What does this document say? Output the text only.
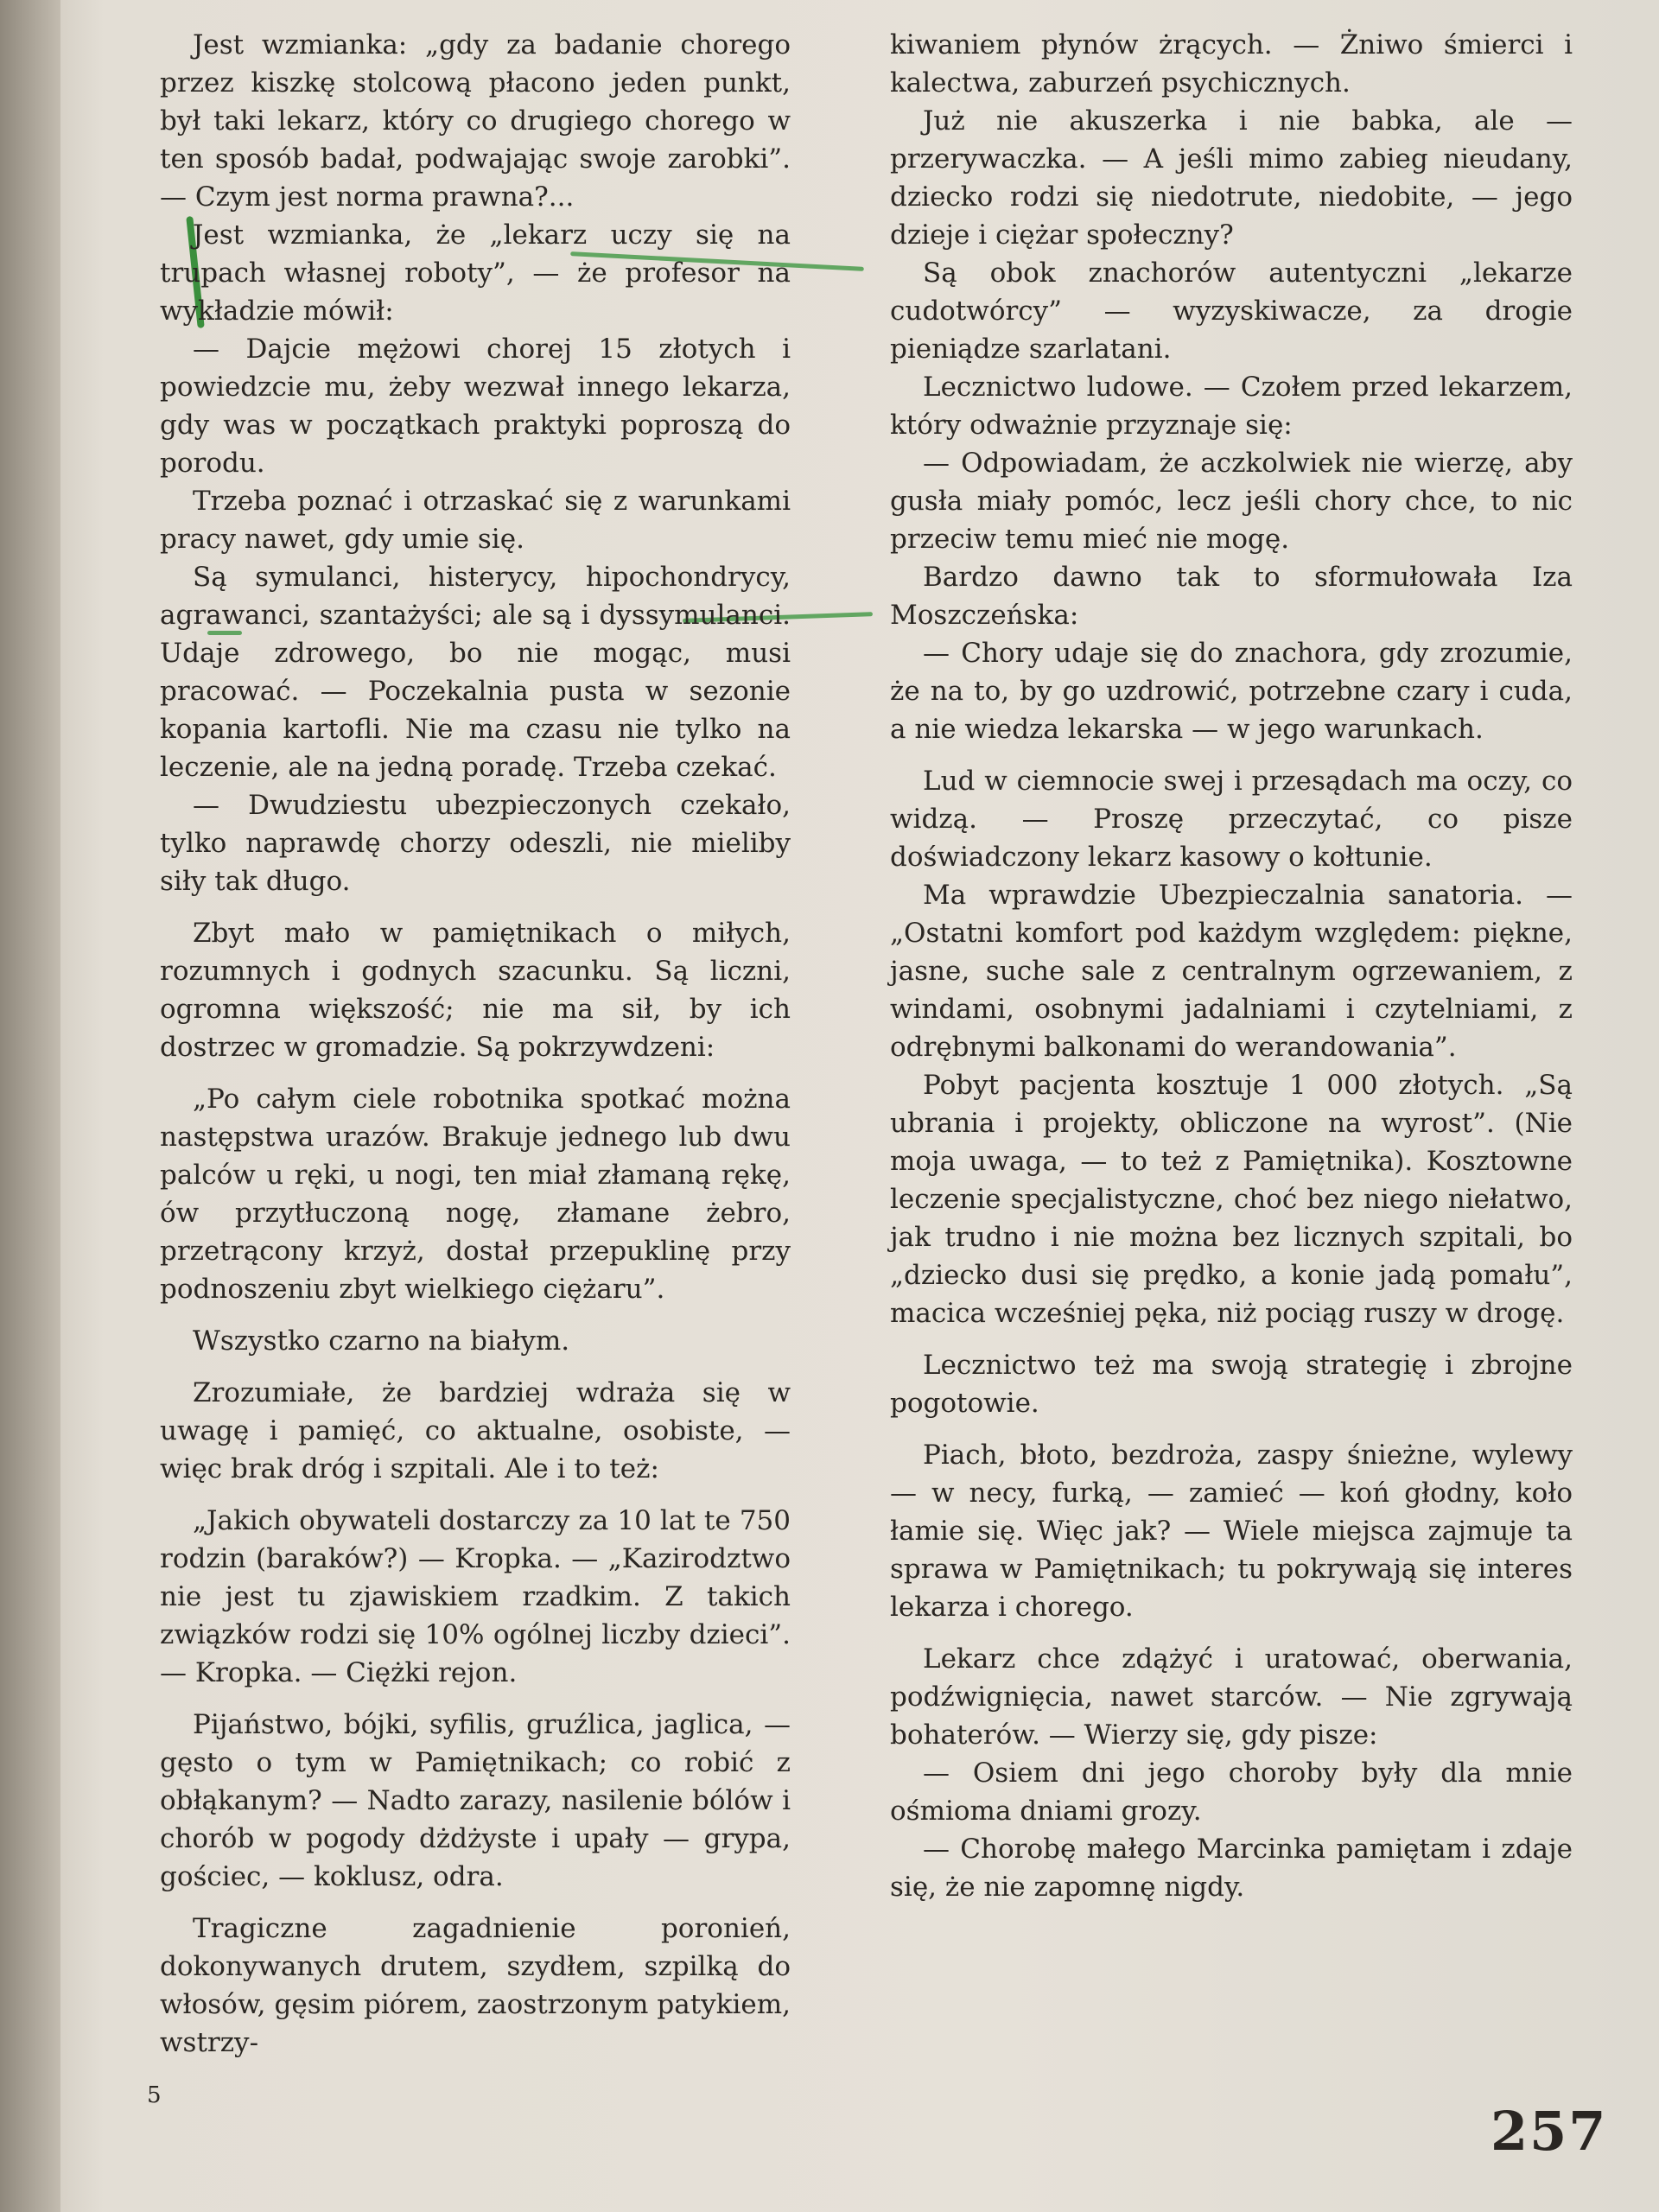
Jest wzmianka: „gdy za badanie chorego przez kiszkę stolcową płacono jeden punkt, był taki lekarz, który co drugiego chorego w ten sposób badał, podwajając swoje zarobki”. — Czym jest norma prawna?...

Jest wzmianka, że „lekarz uczy się na trupach własnej roboty”, — że profesor na wykładzie mówił:

— Dajcie mężowi chorej 15 złotych i powiedzcie mu, żeby wezwał innego lekarza, gdy was w początkach praktyki poproszą do porodu.

Trzeba poznać i otrzaskać się z warunkami pracy nawet, gdy umie się.

Są symulanci, histerycy, hipochondrycy, agrawanci, szantażyści; ale są i dyssymulanci. Udaje zdrowego, bo nie mogąc, musi pracować. — Poczekalnia pusta w sezonie kopania kartofli. Nie ma czasu nie tylko na leczenie, ale na jedną poradę. Trzeba czekać.

— Dwudziestu ubezpieczonych czekało, tylko naprawdę chorzy odeszli, nie mieliby siły tak długo.

Zbyt mało w pamiętnikach o miłych, rozumnych i godnych szacunku. Są liczni, ogromna większość; nie ma sił, by ich dostrzec w gromadzie. Są pokrzywdzeni:

„Po całym ciele robotnika spotkać można następstwa urazów. Brakuje jednego lub dwu palców u ręki, u nogi, ten miał złamaną rękę, ów przytłuczoną nogę, złamane żebro, przetrącony krzyż, dostał przepuklinę przy podnoszeniu zbyt wielkiego ciężaru”.

Wszystko czarno na białym.

Zrozumiałe, że bardziej wdraża się w uwagę i pamięć, co aktualne, osobiste, — więc brak dróg i szpitali. Ale i to też:

„Jakich obywateli dostarczy za 10 lat te 750 rodzin (baraków?) — Kropka. — „Kazirodztwo nie jest tu zjawiskiem rzadkim. Z takich związków rodzi się 10% ogólnej liczby dzieci”. — Kropka. — Ciężki rejon.

Pijaństwo, bójki, syfilis, gruźlica, jaglica, — gęsto o tym w Pamiętnikach; co robić z obłąkanym? — Nadto zarazy, nasilenie bólów i chorób w pogody dżdżyste i upały — grypa, gościec, — koklusz, odra.

Tragiczne zagadnienie poronień, dokonywanych drutem, szydłem, szpilką do włosów, gęsim piórem, zaostrzonym patykiem, wstrzy-

kiwaniem płynów żrących. — Żniwo śmierci i kalectwa, zaburzeń psychicznych.

Już nie akuszerka i nie babka, ale — przerywaczka. — A jeśli mimo zabieg nieudany, dziecko rodzi się niedotrute, niedobite, — jego dzieje i ciężar społeczny?

Są obok znachorów autentyczni „lekarze cudotwórcy” — wyzyskiwacze, za drogie pieniądze szarlatani.

Lecznictwo ludowe. — Czołem przed lekarzem, który odważnie przyznaje się:

— Odpowiadam, że aczkolwiek nie wierzę, aby gusła miały pomóc, lecz jeśli chory chce, to nic przeciw temu mieć nie mogę.

Bardzo dawno tak to sformułowała Iza Moszczeńska:

— Chory udaje się do znachora, gdy zrozumie, że na to, by go uzdrowić, potrzebne czary i cuda, a nie wiedza lekarska — w jego warunkach.

Lud w ciemnocie swej i przesądach ma oczy, co widzą. — Proszę przeczytać, co pisze doświadczony lekarz kasowy o kołtunie.

Ma wprawdzie Ubezpieczalnia sanatoria. — „Ostatni komfort pod każdym względem: piękne, jasne, suche sale z centralnym ogrzewaniem, z windami, osobnymi jadalniami i czytelniami, z odrębnymi balkonami do werandowania”.

Pobyt pacjenta kosztuje 1 000 złotych. „Są ubrania i projekty, obliczone na wyrost”. (Nie moja uwaga, — to też z Pamiętnika). Kosztowne leczenie specjalistyczne, choć bez niego niełatwo, jak trudno i nie można bez licznych szpitali, bo „dziecko dusi się prędko, a konie jadą pomału”, macica wcześniej pęka, niż pociąg ruszy w drogę.

Lecznictwo też ma swoją strategię i zbrojne pogotowie.

Piach, błoto, bezdroża, zaspy śnieżne, wylewy — w necy, furką, — zamieć — koń głodny, koło łamie się. Więc jak? — Wiele miejsca zajmuje ta sprawa w Pamiętnikach; tu pokrywają się interes lekarza i chorego.

Lekarz chce zdążyć i uratować, oberwania, podźwignięcia, nawet starców. — Nie zgrywają bohaterów. — Wierzy się, gdy pisze:

— Osiem dni jego choroby były dla mnie ośmioma dniami grozy.

— Chorobę małego Marcinka pamiętam i zdaje się, że nie zapomnę nigdy.

5
257
